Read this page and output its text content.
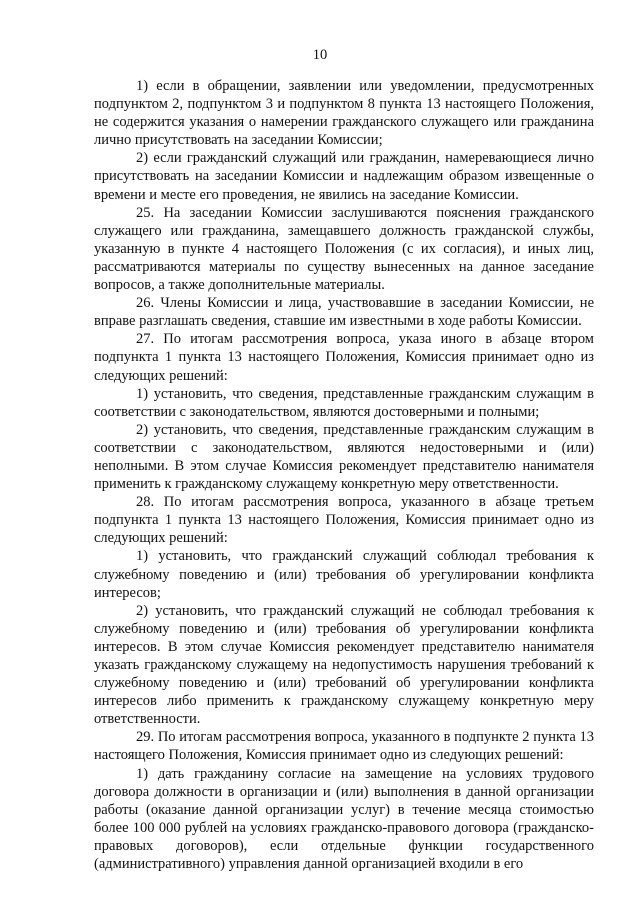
10

1) если в обращении, заявлении или уведомлении, предусмотренных подпунктом 2, подпунктом 3 и подпунктом 8 пункта 13 настоящего Положения, не содержится указания о намерении гражданского служащего или гражданина лично присутствовать на заседании Комиссии;

2) если гражданский служащий или гражданин, намеревающиеся лично присутствовать на заседании Комиссии и надлежащим образом извещенные о времени и месте его проведения, не явились на заседание Комиссии.

25. На заседании Комиссии заслушиваются пояснения гражданского служащего или гражданина, замещавшего должность гражданской службы, указанную в пункте 4 настоящего Положения (с их согласия), и иных лиц, рассматриваются материалы по существу вынесенных на данное заседание вопросов, а также дополнительные материалы.

26. Члены Комиссии и лица, участвовавшие в заседании Комиссии, не вправе разглашать сведения, ставшие им известными в ходе работы Комиссии.

27. По итогам рассмотрения вопроса, указа иного в абзаце втором подпункта 1 пункта 13 настоящего Положения, Комиссия принимает одно из следующих решений:

1) установить, что сведения, представленные гражданским служащим в соответствии с законодательством, являются достоверными и полными;

2) установить, что сведения, представленные гражданским служащим в соответствии с законодательством, являются недостоверными и (или) неполными. В этом случае Комиссия рекомендует представителю нанимателя применить к гражданскому служащему конкретную меру ответственности.

28. По итогам рассмотрения вопроса, указанного в абзаце третьем подпункта 1 пункта 13 настоящего Положения, Комиссия принимает одно из следующих решений:

1) установить, что гражданский служащий соблюдал требования к служебному поведению и (или) требования об урегулировании конфликта интересов;

2) установить, что гражданский служащий не соблюдал требования к служебному поведению и (или) требования об урегулировании конфликта интересов. В этом случае Комиссия рекомендует представителю нанимателя указать гражданскому служащему на недопустимость нарушения требований к служебному поведению и (или) требований об урегулировании конфликта интересов либо применить к гражданскому служащему конкретную меру ответственности.

29. По итогам рассмотрения вопроса, указанного в подпункте 2 пункта 13 настоящего Положения, Комиссия принимает одно из следующих решений:

1) дать гражданину согласие на замещение на условиях трудового договора должности в организации и (или) выполнения в данной организации работы (оказание данной организации услуг) в течение месяца стоимостью более 100 000 рублей на условиях гражданско-правового договора (гражданско-правовых договоров), если отдельные функции государственного (административного) управления данной организацией входили в его
